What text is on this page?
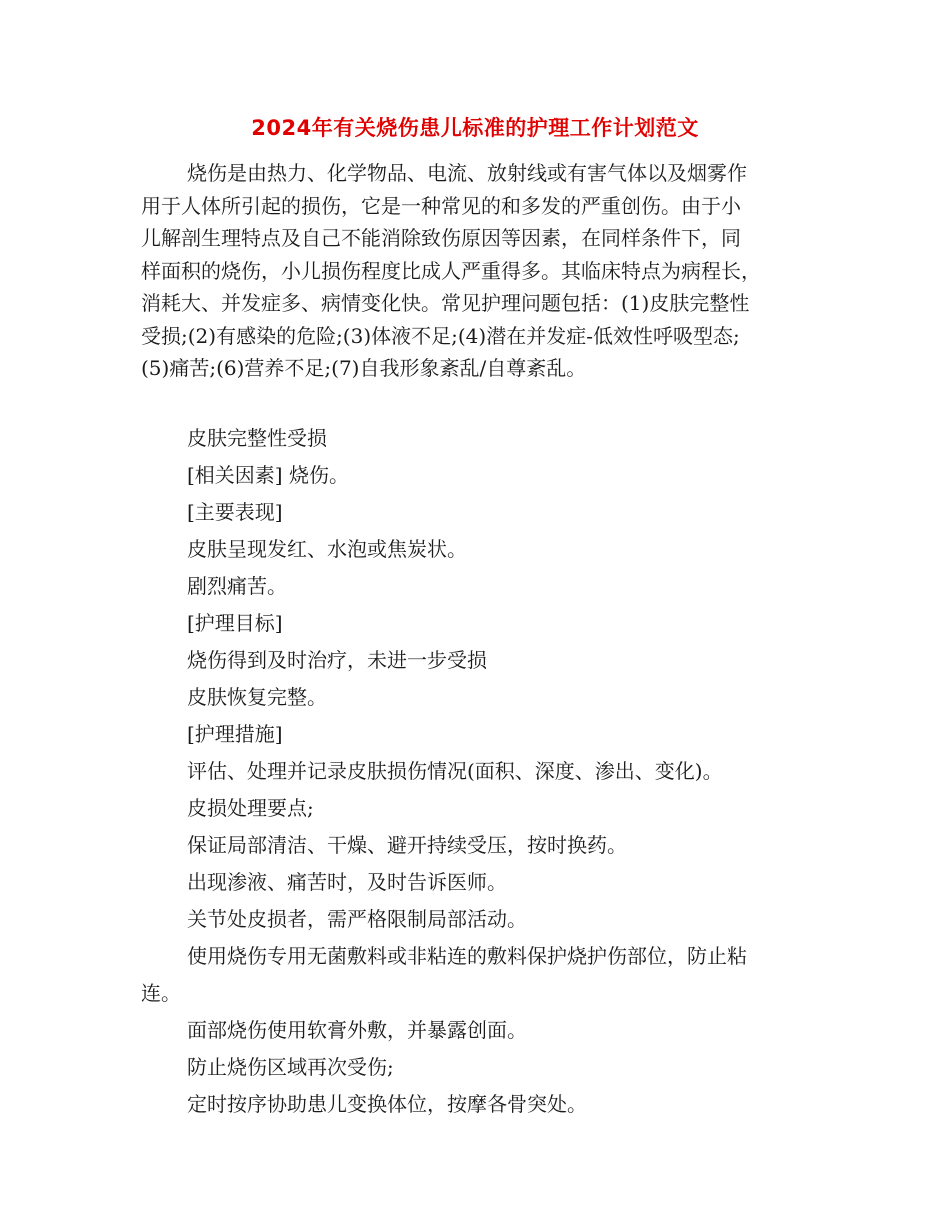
2024年有关烧伤患儿标准的护理工作计划范文
烧伤是由热力、化学物品、电流、放射线或有害气体以及烟雾作
用于人体所引起的损伤，它是一种常见的和多发的严重创伤。由于小
儿解剖生理特点及自己不能消除致伤原因等因素，在同样条件下，同
样面积的烧伤，小儿损伤程度比成人严重得多。其临床特点为病程长，
消耗大、并发症多、病情变化快。常见护理问题包括：(1)皮肤完整性
受损;(2)有感染的危险;(3)体液不足;(4)潜在并发症-低效性呼吸型态;
(5)痛苦;(6)营养不足;(7)自我形象紊乱/自尊紊乱。
皮肤完整性受损
[相关因素] 烧伤。
[主要表现]
皮肤呈现发红、水泡或焦炭状。
剧烈痛苦。
[护理目标]
烧伤得到及时治疗，未进一步受损
皮肤恢复完整。
[护理措施]
评估、处理并记录皮肤损伤情况(面积、深度、渗出、变化)。
皮损处理要点;
保证局部清洁、干燥、避开持续受压，按时换药。
出现渗液、痛苦时，及时告诉医师。
关节处皮损者，需严格限制局部活动。
使用烧伤专用无菌敷料或非粘连的敷料保护烧护伤部位，防止粘
连。
面部烧伤使用软膏外敷，并暴露创面。
防止烧伤区域再次受伤;
定时按序协助患儿变换体位，按摩各骨突处。
